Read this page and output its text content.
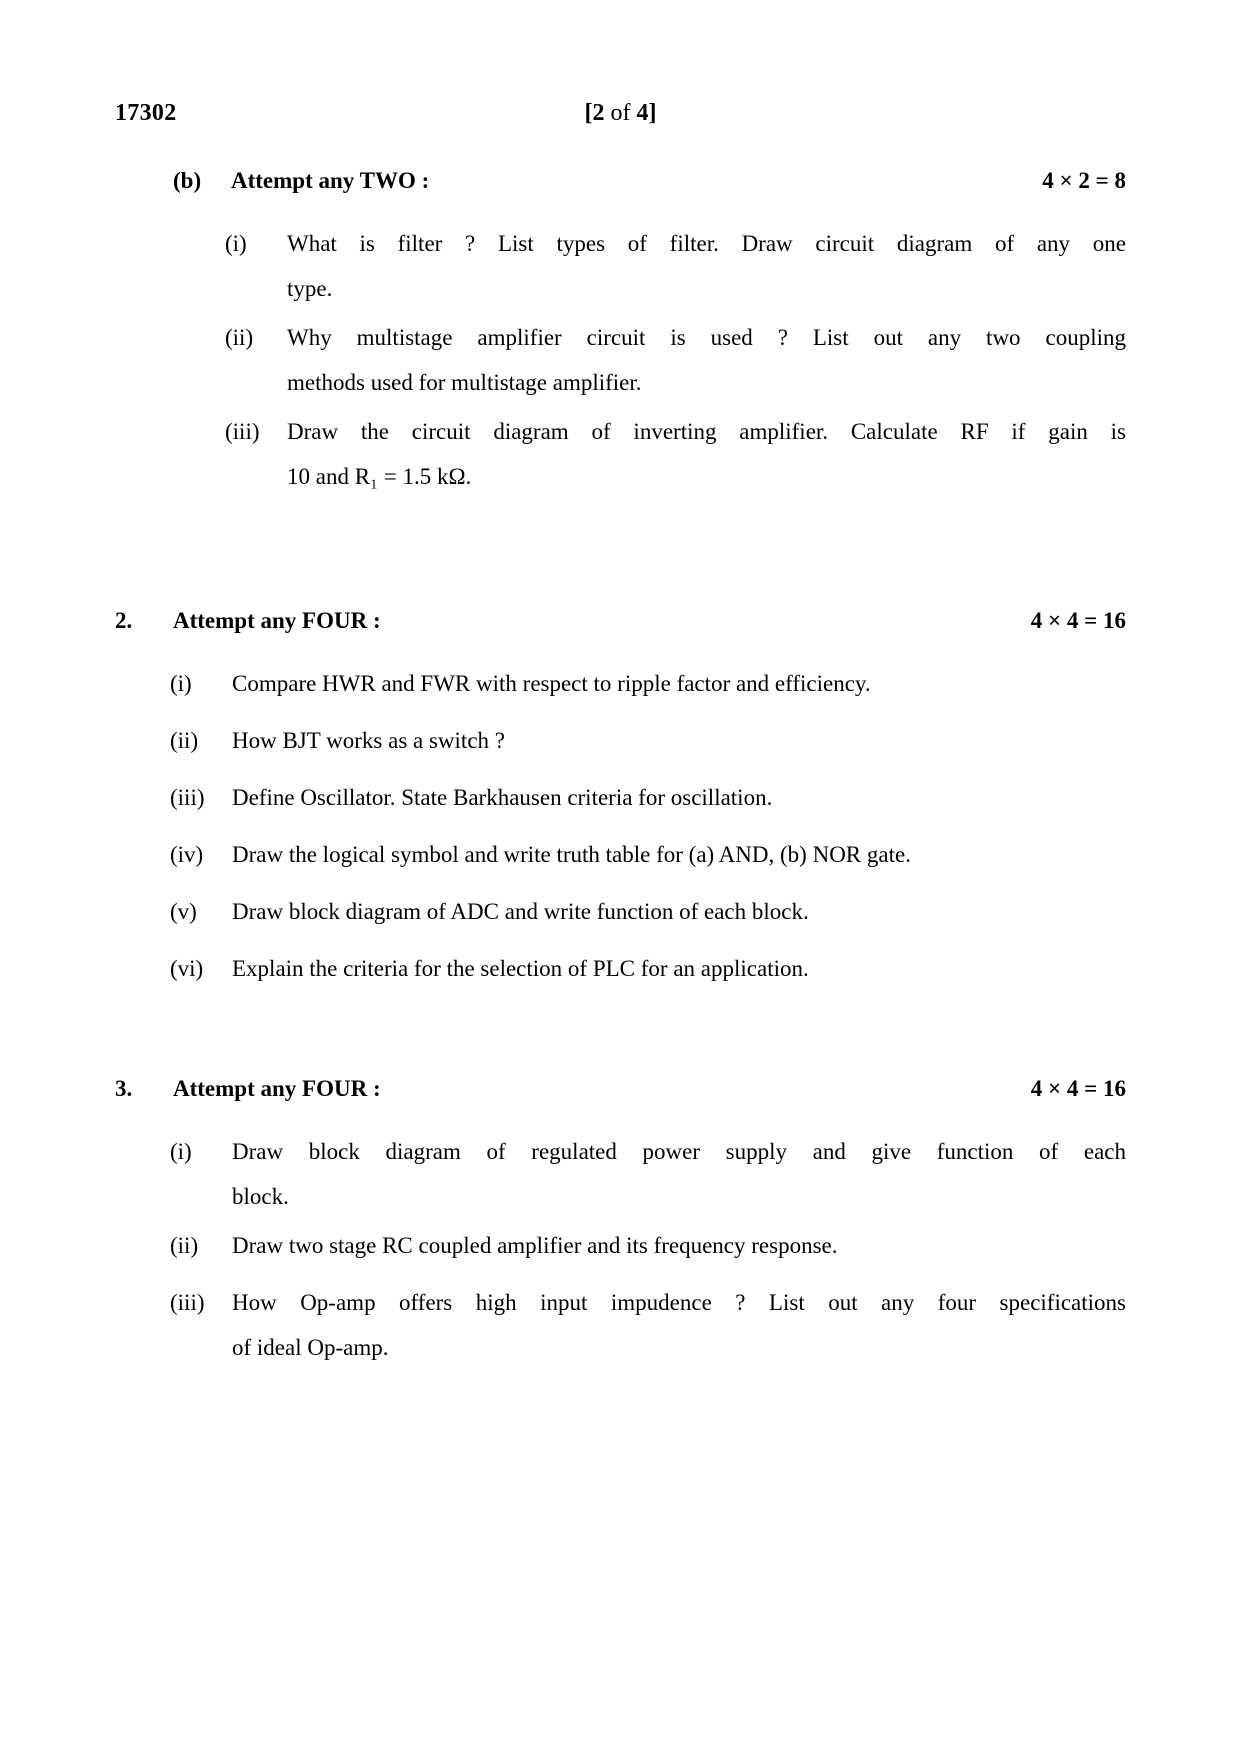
17302	[2 of 4]
(b)	Attempt any TWO :	4 × 2 = 8
(i)	What is filter ? List types of filter. Draw circuit diagram of any one

type.

(ii)	Why multistage amplifier circuit is used ? List out any two coupling

methods used for multistage amplifier.

(iii)	Draw the circuit diagram of inverting amplifier. Calculate RF if gain is

10 and R₁ = 1.5 kΩ.

2.	Attempt any FOUR :	4 × 4 = 16
(i)	Compare HWR and FWR with respect to ripple factor and efficiency.

(ii)	How BJT works as a switch ?

(iii)	Define Oscillator. State Barkhausen criteria for oscillation.

(iv)	Draw the logical symbol and write truth table for (a) AND, (b) NOR gate.

(v)	Draw block diagram of ADC and write function of each block.

(vi)	Explain the criteria for the selection of PLC for an application.

3.	Attempt any FOUR :	4 × 4 = 16
(i)	Draw block diagram of regulated power supply and give function of each

block.

(ii)	Draw two stage RC coupled amplifier and its frequency response.

(iii)	How Op-amp offers high input impudence ? List out any four specifications

of ideal Op-amp.
